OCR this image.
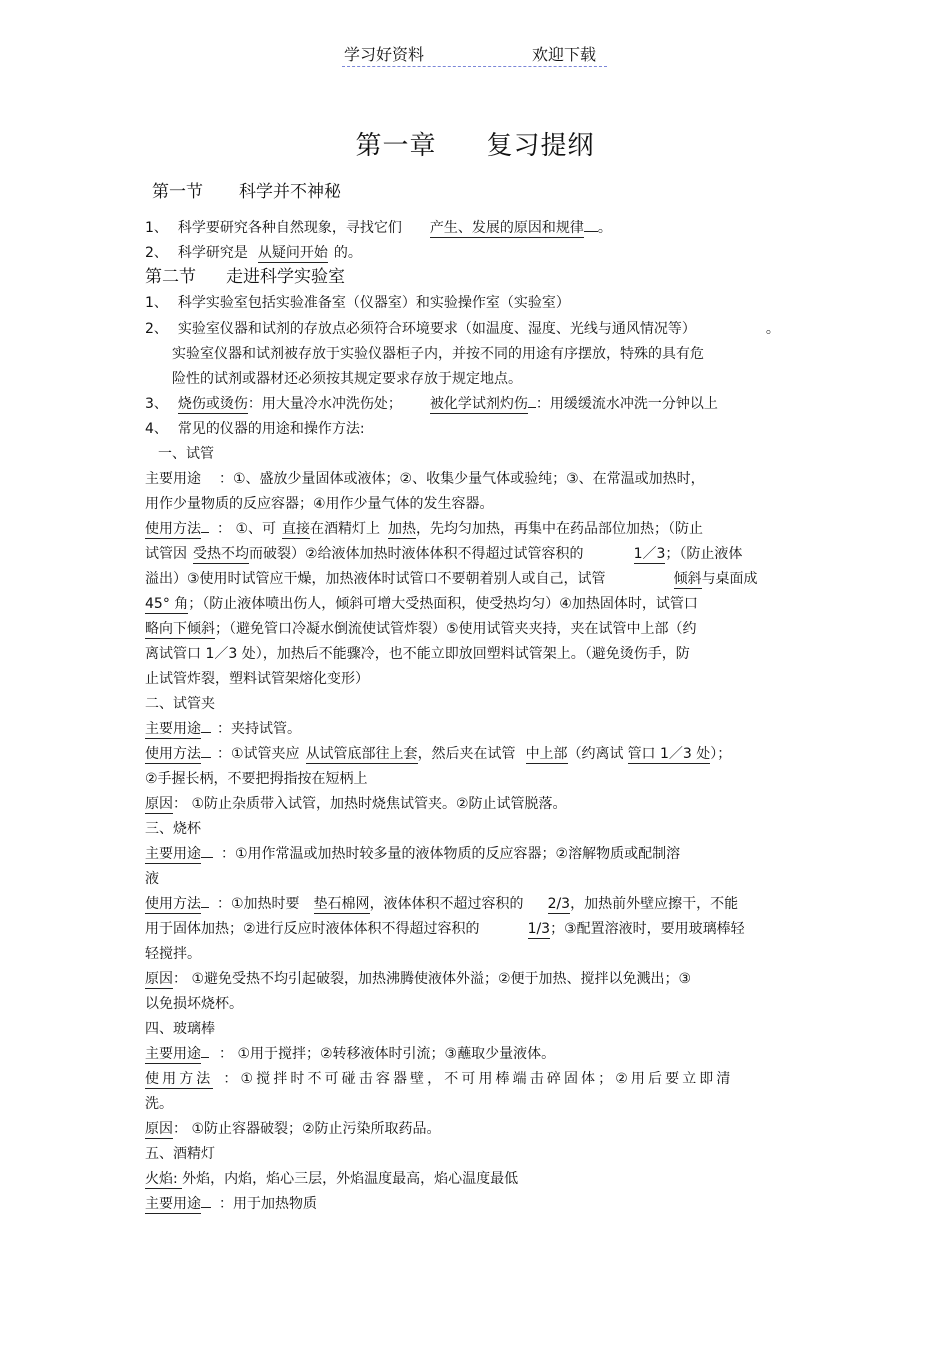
学习好资料	欢迎下载
第一章 复习提纲
第一节 科学并不神秘
1、 科学要研究各种自然现象，寻找它们 产生、发展的原因和规律 。
2、 科学研究是 从疑问开始 的。
第二节 走进科学实验室
1、 科学实验室包括实验准备室（仪器室）和实验操作室（实验室）
2、 实验室仪器和试剂的存放点必须符合环境要求（如温度、湿度、光线与通风情况等）	。
实验室仪器和试剂被存放于实验仪器柜子内，并按不同的用途有序摆放，特殊的具有危
险性的试剂或器材还必须按其规定要求存放于规定地点。
3、 烧伤或烫伤：用大量冷水冲洗伤处； 被化学试剂灼伤 ：用缓缓流水冲洗一分钟以上
4、 常见的仪器的用途和操作方法:
一、试管
主要用途 ：①、盛放少量固体或液体；②、收集少量气体或验纯；③、在常温或加热时，
用作少量物质的反应容器；④用作少量气体的发生容器。
使用方法 ： ①、可 直接在酒精灯上 加热，先均匀加热，再集中在药品部位加热；（防止
试管因 受热不均而破裂）②给液体加热时液体体积不得超过试管容积的	1／3；（防止液体
溢出）③使用时试管应干燥，加热液体时试管口不要朝着别人或自己，试管	倾斜与桌面成
45° 角；（防止液体喷出伤人，倾斜可增大受热面积，使受热均匀）④加热固体时，试管口
略向下倾斜；（避免管口冷凝水倒流使试管炸裂）⑤使用试管夹夹持，夹在试管中上部（约
离试管口 1／3 处），加热后不能骤冷，也不能立即放回塑料试管架上。（避免烫伤手，防
止试管炸裂，塑料试管架熔化变形）
二、试管夹
主要用途 ：夹持试管。
使用方法 ：①试管夹应 从试管底部往上套，然后夹在试管 中上部（约离试 管口 1／3 处）；
②手握长柄，不要把拇指按在短柄上
原因： ①防止杂质带入试管，加热时烧焦试管夹。②防止试管脱落。
三、烧杯
主要用途 ：①用作常温或加热时较多量的液体物质的反应容器；②溶解物质或配制溶
液
使用方法 ：①加热时要 垫石棉网，液体体积不超过容积的 2/3，加热前外壁应擦干，不能
用于固体加热；②进行反应时液体体积不得超过容积的	1/3；③配置溶液时，要用玻璃棒轻
轻搅拌。
原因： ①避免受热不均引起破裂，加热沸腾使液体外溢；②便于加热、搅拌以免溅出；③
以免损坏烧杯。
四、玻璃棒
主要用途 ： ①用于搅拌；②转移液体时引流；③蘸取少量液体。
使用方法 ：①搅拌时不可碰击容器壁，不可用棒端击碎固体；②用后要立即清
洗。
原因： ①防止容器破裂；②防止污染所取药品。
五、酒精灯
火焰: 外焰，内焰，焰心三层，外焰温度最高，焰心温度最低
主要用途 ：用于加热物质
